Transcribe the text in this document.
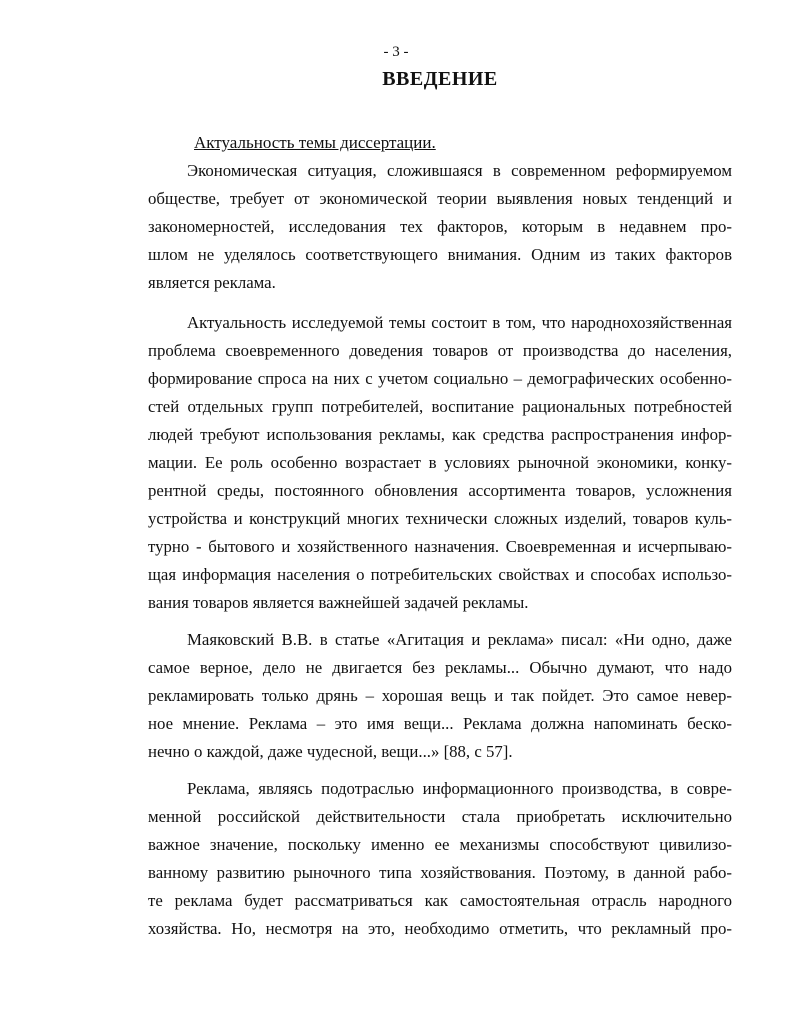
- 3 -
ВВЕДЕНИЕ
Актуальность темы диссертации.
Экономическая ситуация, сложившаяся в современном реформируемом
обществе, требует от экономической теории выявления новых тенденций и
закономерностей, исследования тех факторов, которым в недавнем про-
шлом не уделялось соответствующего внимания. Одним из таких факторов
является реклама.
Актуальность исследуемой темы состоит в том, что народнохозяйственная
проблема своевременного доведения товаров от производства до населения,
формирование спроса на них с учетом социально – демографических особенно-
стей отдельных групп потребителей, воспитание рациональных потребностей
людей требуют использования рекламы, как средства распространения инфор-
мации. Ее роль особенно возрастает в условиях рыночной экономики, конку-
рентной среды, постоянного обновления ассортимента товаров, усложнения
устройства и конструкций многих технически сложных изделий, товаров куль-
турно - бытового и хозяйственного назначения. Своевременная и исчерпываю-
щая информация населения о потребительских свойствах и способах использо-
вания товаров является важнейшей задачей рекламы.
Маяковский В.В. в статье «Агитация и реклама» писал: «Ни одно, даже
самое верное, дело не двигается без рекламы... Обычно думают, что надо
рекламировать только дрянь – хорошая вещь и так пойдет. Это самое невер-
ное мнение. Реклама – это имя вещи... Реклама должна напоминать беско-
нечно о каждой, даже чудесной, вещи...» [88, с 57].
Реклама, являясь подотраслью информационного производства, в совре-
менной российской действительности стала приобретать исключительно
важное значение, поскольку именно ее механизмы способствуют цивилизо-
ванному развитию рыночного типа хозяйствования. Поэтому, в данной рабо-
те реклама будет рассматриваться как самостоятельная отрасль народного
хозяйства. Но, несмотря на это, необходимо отметить, что рекламный про-
